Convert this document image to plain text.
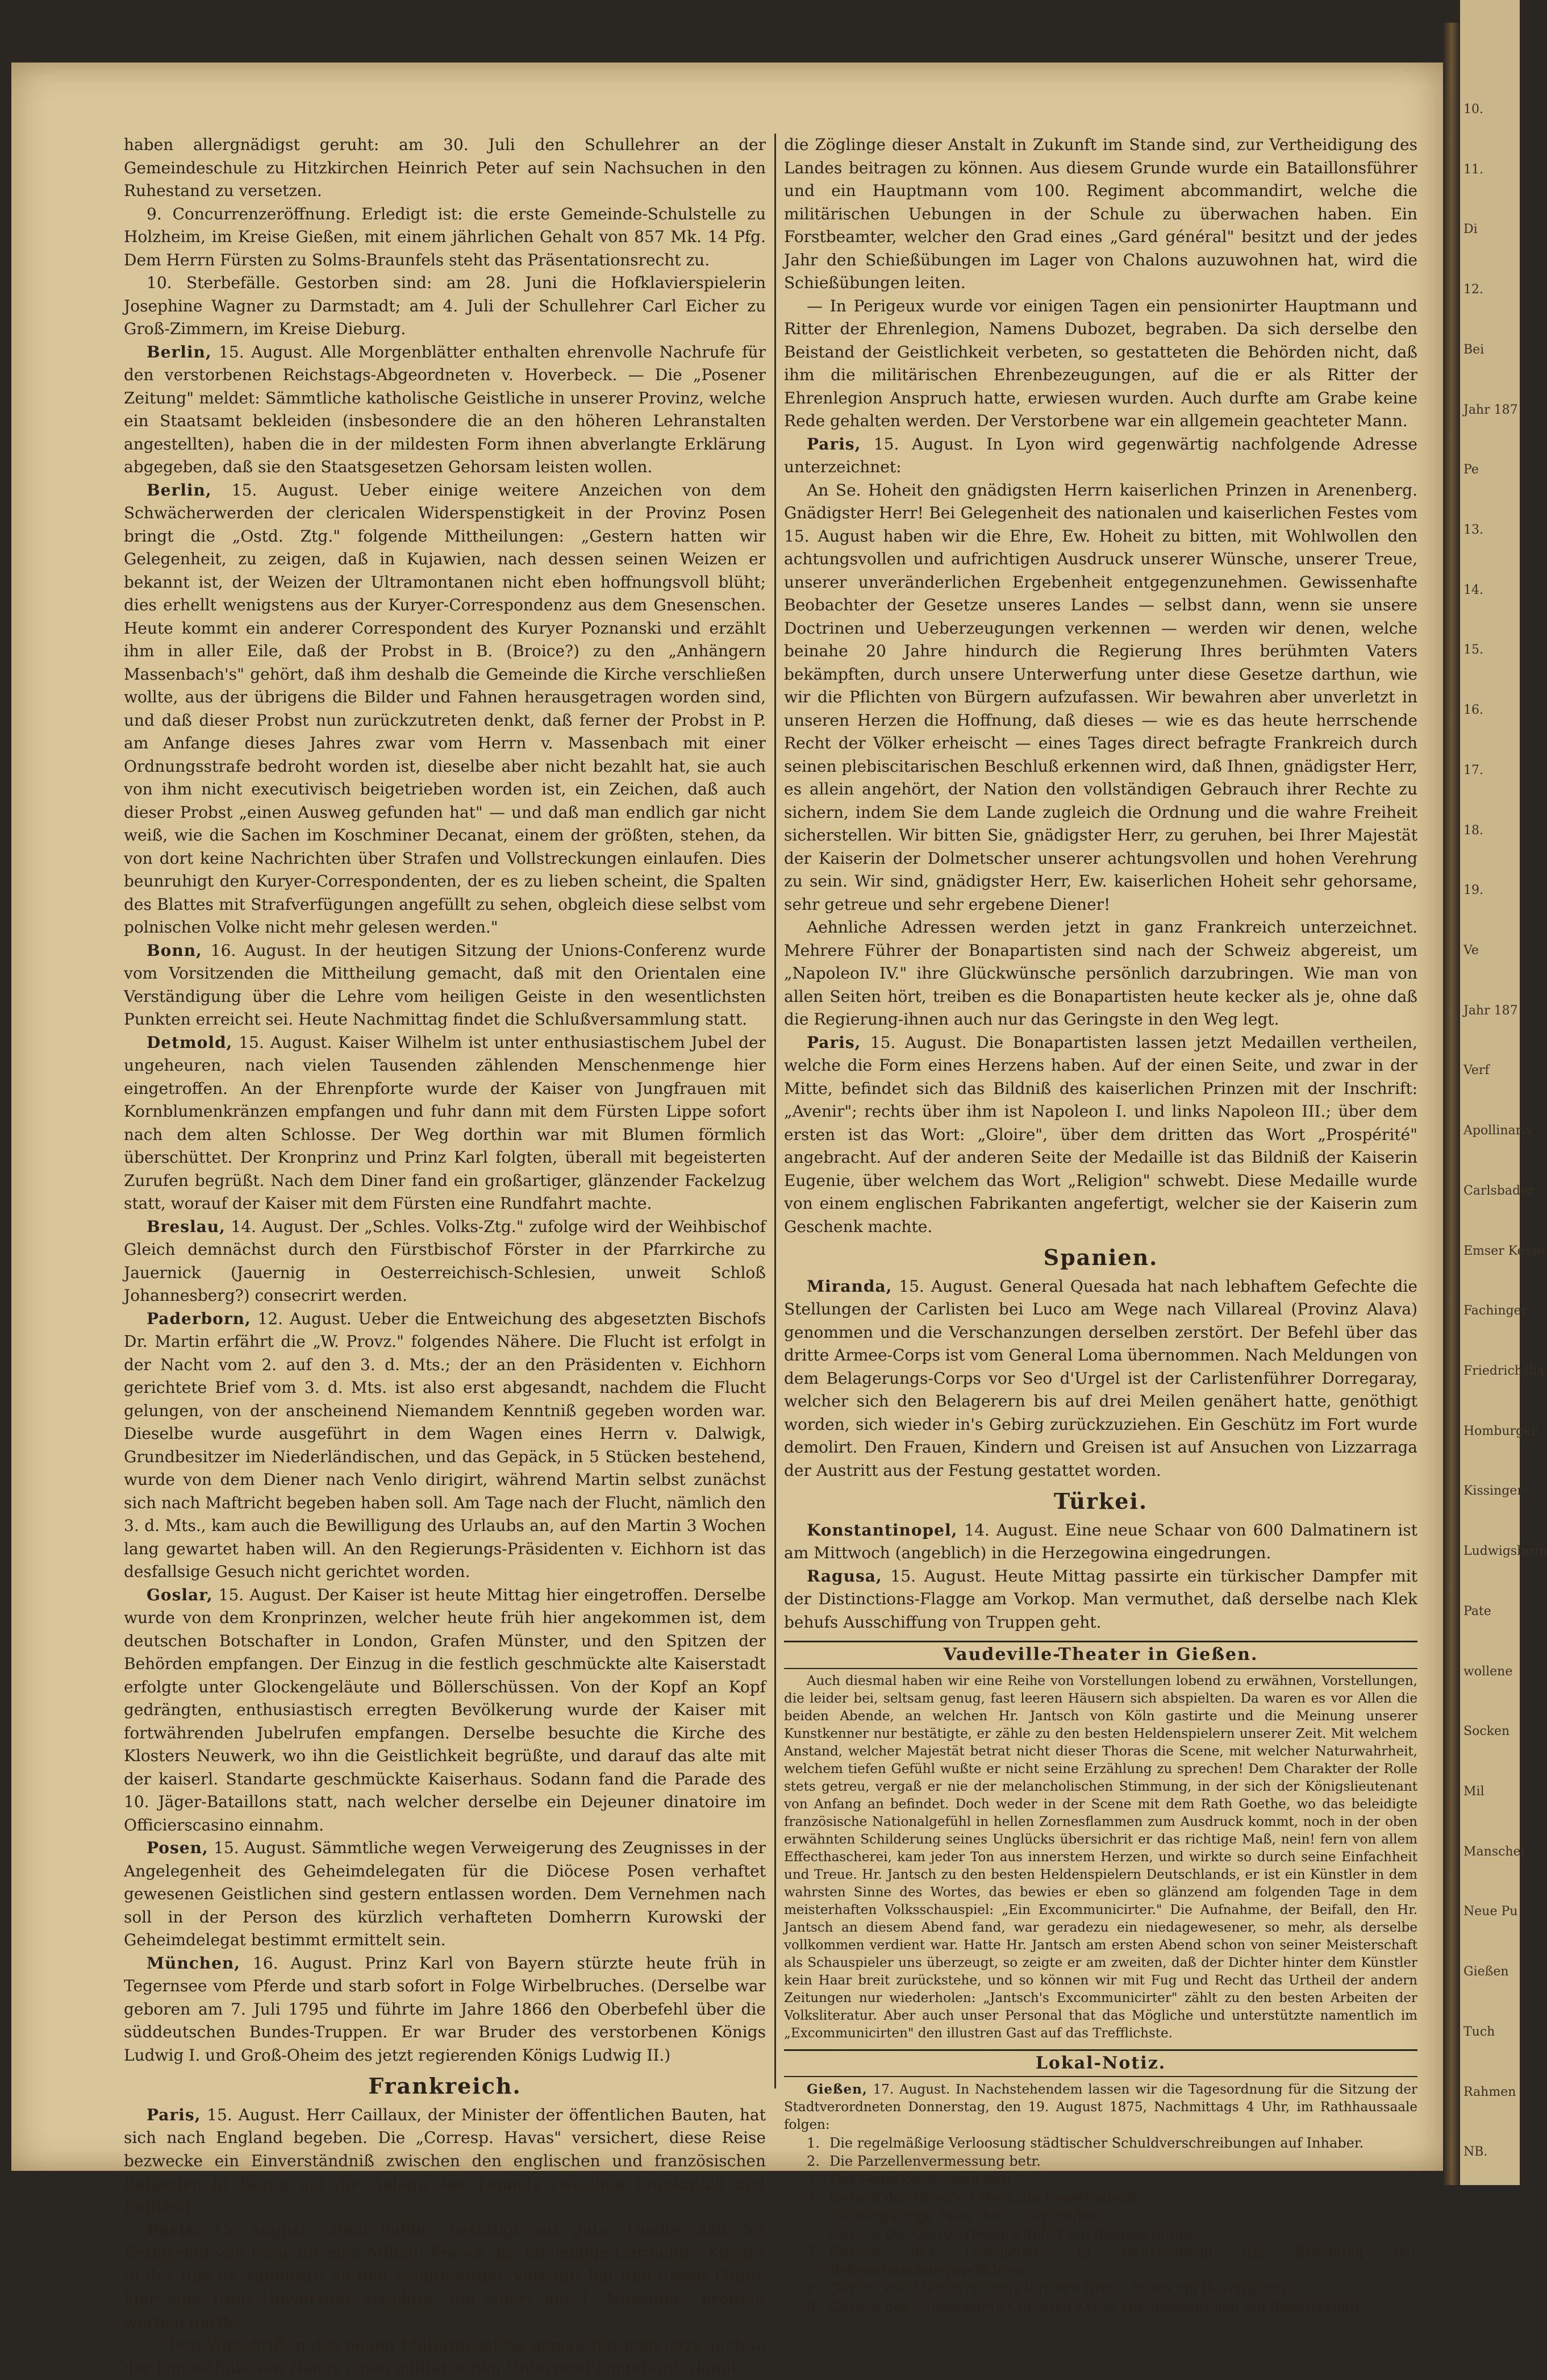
haben allergnädigst geruht: am 30. Juli den Schullehrer an der Gemeindeschule zu Hitzkirchen Heinrich Peter auf sein Nachsuchen in den Ruhestand zu versetzen.

9. Concurrenzeröffnung. Erledigt ist: die erste Gemeinde-Schulstelle zu Holzheim, im Kreise Gießen, mit einem jährlichen Gehalt von 857 Mk. 14 Pfg. Dem Herrn Fürsten zu Solms-Braunfels steht das Präsentationsrecht zu.

10. Sterbefälle. Gestorben sind: am 28. Juni die Hofklavierspielerin Josephine Wagner zu Darmstadt; am 4. Juli der Schullehrer Carl Eicher zu Groß-Zimmern, im Kreise Dieburg.

Berlin, 15. August. Alle Morgenblätter enthalten ehrenvolle Nachrufe für den verstorbenen Reichstags-Abgeordneten v. Hoverbeck. — Die „Posener Zeitung" meldet: Sämmtliche katholische Geistliche in unserer Provinz, welche ein Staatsamt bekleiden (insbesondere die an den höheren Lehranstalten angestellten), haben die in der mildesten Form ihnen abverlangte Erklärung abgegeben, daß sie den Staatsgesetzen Gehorsam leisten wollen.

Berlin, 15. August. Ueber einige weitere Anzeichen von dem Schwächerwerden der clericalen Widerspenstigkeit in der Provinz Posen bringt die „Ostd. Ztg." folgende Mittheilungen: „Gestern hatten wir Gelegenheit, zu zeigen, daß in Kujawien, nach dessen seinen Weizen er bekannt ist, der Weizen der Ultramontanen nicht eben hoffnungsvoll blüht; dies erhellt wenigstens aus der Kuryer-Correspondenz aus dem Gnesenschen. Heute kommt ein anderer Correspondent des Kuryer Poznanski und erzählt ihm in aller Eile, daß der Probst in B. (Broice?) zu den „Anhängern Massenbach's" gehört, daß ihm deshalb die Gemeinde die Kirche verschließen wollte, aus der übrigens die Bilder und Fahnen herausgetragen worden sind, und daß dieser Probst nun zurückzutreten denkt, daß ferner der Probst in P. am Anfange dieses Jahres zwar vom Herrn v. Massenbach mit einer Ordnungsstrafe bedroht worden ist, dieselbe aber nicht bezahlt hat, sie auch von ihm nicht executivisch beigetrieben worden ist, ein Zeichen, daß auch dieser Probst „einen Ausweg gefunden hat" — und daß man endlich gar nicht weiß, wie die Sachen im Koschminer Decanat, einem der größten, stehen, da von dort keine Nachrichten über Strafen und Vollstreckungen einlaufen. Dies beunruhigt den Kuryer-Correspondenten, der es zu lieben scheint, die Spalten des Blattes mit Strafverfügungen angefüllt zu sehen, obgleich diese selbst vom polnischen Volke nicht mehr gelesen werden."

Bonn, 16. August. In der heutigen Sitzung der Unions-Conferenz wurde vom Vorsitzenden die Mittheilung gemacht, daß mit den Orientalen eine Verständigung über die Lehre vom heiligen Geiste in den wesentlichsten Punkten erreicht sei. Heute Nachmittag findet die Schlußversammlung statt.

Detmold, 15. August. Kaiser Wilhelm ist unter enthusiastischem Jubel der ungeheuren, nach vielen Tausenden zählenden Menschenmenge hier eingetroffen. An der Ehrenpforte wurde der Kaiser von Jungfrauen mit Kornblumenkränzen empfangen und fuhr dann mit dem Fürsten Lippe sofort nach dem alten Schlosse. Der Weg dorthin war mit Blumen förmlich überschüttet. Der Kronprinz und Prinz Karl folgten, überall mit begeisterten Zurufen begrüßt. Nach dem Diner fand ein großartiger, glänzender Fackelzug statt, worauf der Kaiser mit dem Fürsten eine Rundfahrt machte.

Breslau, 14. August. Der „Schles. Volks-Ztg." zufolge wird der Weihbischof Gleich demnächst durch den Fürstbischof Förster in der Pfarrkirche zu Jauernick (Jauernig in Oesterreichisch-Schlesien, unweit Schloß Johannesberg?) consecrirt werden.

Paderborn, 12. August. Ueber die Entweichung des abgesetzten Bischofs Dr. Martin erfährt die „W. Provz." folgendes Nähere. Die Flucht ist erfolgt in der Nacht vom 2. auf den 3. d. Mts.; der an den Präsidenten v. Eichhorn gerichtete Brief vom 3. d. Mts. ist also erst abgesandt, nachdem die Flucht gelungen, von der anscheinend Niemandem Kenntniß gegeben worden war. Dieselbe wurde ausgeführt in dem Wagen eines Herrn v. Dalwigk, Grundbesitzer im Niederländischen, und das Gepäck, in 5 Stücken bestehend, wurde von dem Diener nach Venlo dirigirt, während Martin selbst zunächst sich nach Maftricht begeben haben soll. Am Tage nach der Flucht, nämlich den 3. d. Mts., kam auch die Bewilligung des Urlaubs an, auf den Martin 3 Wochen lang gewartet haben will. An den Regierungs-Präsidenten v. Eichhorn ist das desfallsige Gesuch nicht gerichtet worden.

Goslar, 15. August. Der Kaiser ist heute Mittag hier eingetroffen. Derselbe wurde von dem Kronprinzen, welcher heute früh hier angekommen ist, dem deutschen Botschafter in London, Grafen Münster, und den Spitzen der Behörden empfangen. Der Einzug in die festlich geschmückte alte Kaiserstadt erfolgte unter Glockengeläute und Böllerschüssen. Von der Kopf an Kopf gedrängten, enthusiastisch erregten Bevölkerung wurde der Kaiser mit fortwährenden Jubelrufen empfangen. Derselbe besuchte die Kirche des Klosters Neuwerk, wo ihn die Geistlichkeit begrüßte, und darauf das alte mit der kaiserl. Standarte geschmückte Kaiserhaus. Sodann fand die Parade des 10. Jäger-Bataillons statt, nach welcher derselbe ein Dejeuner dinatoire im Officierscasino einnahm.

Posen, 15. August. Sämmtliche wegen Verweigerung des Zeugnisses in der Angelegenheit des Geheimdelegaten für die Diöcese Posen verhaftet gewesenen Geistlichen sind gestern entlassen worden. Dem Vernehmen nach soll in der Person des kürzlich verhafteten Domherrn Kurowski der Geheimdelegat bestimmt ermittelt sein.

München, 16. August. Prinz Karl von Bayern stürzte heute früh in Tegernsee vom Pferde und starb sofort in Folge Wirbelbruches. (Derselbe war geboren am 7. Juli 1795 und führte im Jahre 1866 den Oberbefehl über die süddeutschen Bundes-Truppen. Er war Bruder des verstorbenen Königs Ludwig I. und Groß-Oheim des jetzt regierenden Königs Ludwig II.)

Frankreich.

Paris, 15. August. Herr Caillaux, der Minister der öffentlichen Bauten, hat sich nach England begeben. Die „Corresp. Havas" versichert, diese Reise bezwecke ein Einverständniß zwischen den englischen und französischen Behörden in Bezug auf die Anlage des Tunnels zwischen Frankreich und England.

Paris, 15. August. „Bien Public" bestätigt aus guter Quelle, daß der Erzbischof von Paris für eine Million Francs das ehemalige Carmeliter-Kloster in der Rue de Vaugirard an den Jesuitenorden verkauft hat und dieser Orden hier eine freie Universität errichtet, die sofort am 1. November eröffnet werden dürfte.

— Den Vorschriften des neuen Militärgesetzes gemäß hat man jetzt auch in der Forstschule von Nancy einen militärischen Unterricht eingeführt, damit

die Zöglinge dieser Anstalt in Zukunft im Stande sind, zur Vertheidigung des Landes beitragen zu können. Aus diesem Grunde wurde ein Bataillonsführer und ein Hauptmann vom 100. Regiment abcommandirt, welche die militärischen Uebungen in der Schule zu überwachen haben. Ein Forstbeamter, welcher den Grad eines „Gard général" besitzt und der jedes Jahr den Schießübungen im Lager von Chalons auzuwohnen hat, wird die Schießübungen leiten.

— In Perigeux wurde vor einigen Tagen ein pensionirter Hauptmann und Ritter der Ehrenlegion, Namens Dubozet, begraben. Da sich derselbe den Beistand der Geistlichkeit verbeten, so gestatteten die Behörden nicht, daß ihm die militärischen Ehrenbezeugungen, auf die er als Ritter der Ehrenlegion Anspruch hatte, erwiesen wurden. Auch durfte am Grabe keine Rede gehalten werden. Der Verstorbene war ein allgemein geachteter Mann.

Paris, 15. August. In Lyon wird gegenwärtig nachfolgende Adresse unterzeichnet:

An Se. Hoheit den gnädigsten Herrn kaiserlichen Prinzen in Arenenberg. Gnädigster Herr! Bei Gelegenheit des nationalen und kaiserlichen Festes vom 15. August haben wir die Ehre, Ew. Hoheit zu bitten, mit Wohlwollen den achtungsvollen und aufrichtigen Ausdruck unserer Wünsche, unserer Treue, unserer unveränderlichen Ergebenheit entgegenzunehmen. Gewissenhafte Beobachter der Gesetze unseres Landes — selbst dann, wenn sie unsere Doctrinen und Ueberzeugungen verkennen — werden wir denen, welche beinahe 20 Jahre hindurch die Regierung Ihres berühmten Vaters bekämpften, durch unsere Unterwerfung unter diese Gesetze darthun, wie wir die Pflichten von Bürgern aufzufassen. Wir bewahren aber unverletzt in unseren Herzen die Hoffnung, daß dieses — wie es das heute herrschende Recht der Völker erheischt — eines Tages direct befragte Frankreich durch seinen plebiscitarischen Beschluß erkennen wird, daß Ihnen, gnädigster Herr, es allein angehört, der Nation den vollständigen Gebrauch ihrer Rechte zu sichern, indem Sie dem Lande zugleich die Ordnung und die wahre Freiheit sicherstellen. Wir bitten Sie, gnädigster Herr, zu geruhen, bei Ihrer Majestät der Kaiserin der Dolmetscher unserer achtungsvollen und hohen Verehrung zu sein. Wir sind, gnädigster Herr, Ew. kaiserlichen Hoheit sehr gehorsame, sehr getreue und sehr ergebene Diener!

Aehnliche Adressen werden jetzt in ganz Frankreich unterzeichnet. Mehrere Führer der Bonapartisten sind nach der Schweiz abgereist, um „Napoleon IV." ihre Glückwünsche persönlich darzubringen. Wie man von allen Seiten hört, treiben es die Bonapartisten heute kecker als je, ohne daß die Regierung-ihnen auch nur das Geringste in den Weg legt.

Paris, 15. August. Die Bonapartisten lassen jetzt Medaillen vertheilen, welche die Form eines Herzens haben. Auf der einen Seite, und zwar in der Mitte, befindet sich das Bildniß des kaiserlichen Prinzen mit der Inschrift: „Avenir"; rechts über ihm ist Napoleon I. und links Napoleon III.; über dem ersten ist das Wort: „Gloire", über dem dritten das Wort „Prospérité" angebracht. Auf der anderen Seite der Medaille ist das Bildniß der Kaiserin Eugenie, über welchem das Wort „Religion" schwebt. Diese Medaille wurde von einem englischen Fabrikanten angefertigt, welcher sie der Kaiserin zum Geschenk machte.

Spanien.

Miranda, 15. August. General Quesada hat nach lebhaftem Gefechte die Stellungen der Carlisten bei Luco am Wege nach Villareal (Provinz Alava) genommen und die Verschanzungen derselben zerstört. Der Befehl über das dritte Armee-Corps ist vom General Loma übernommen. Nach Meldungen von dem Belagerungs-Corps vor Seo d'Urgel ist der Carlistenführer Dorregaray, welcher sich den Belagerern bis auf drei Meilen genähert hatte, genöthigt worden, sich wieder in's Gebirg zurückzuziehen. Ein Geschütz im Fort wurde demolirt. Den Frauen, Kindern und Greisen ist auf Ansuchen von Lizzarraga der Austritt aus der Festung gestattet worden.

Türkei.

Konstantinopel, 14. August. Eine neue Schaar von 600 Dalmatinern ist am Mittwoch (angeblich) in die Herzegowina eingedrungen.

Ragusa, 15. August. Heute Mittag passirte ein türkischer Dampfer mit der Distinctions-Flagge am Vorkop. Man vermuthet, daß derselbe nach Klek behufs Ausschiffung von Truppen geht.

Vaudeville-Theater in Gießen.

Auch diesmal haben wir eine Reihe von Vorstellungen lobend zu erwähnen, Vorstellungen, die leider bei, seltsam genug, fast leeren Häusern sich abspielten. Da waren es vor Allen die beiden Abende, an welchen Hr. Jantsch von Köln gastirte und die Meinung unserer Kunstkenner nur bestätigte, er zähle zu den besten Heldenspielern unserer Zeit. Mit welchem Anstand, welcher Majestät betrat nicht dieser Thoras die Scene, mit welcher Naturwahrheit, welchem tiefen Gefühl wußte er nicht seine Erzählung zu sprechen! Dem Charakter der Rolle stets getreu, vergaß er nie der melancholischen Stimmung, in der sich der Königslieutenant von Anfang an befindet. Doch weder in der Scene mit dem Rath Goethe, wo das beleidigte französische Nationalgefühl in hellen Zornesflammen zum Ausdruck kommt, noch in der oben erwähnten Schilderung seines Unglücks übersichrit er das richtige Maß, nein! fern von allem Effecthascherei, kam jeder Ton aus innerstem Herzen, und wirkte so durch seine Einfachheit und Treue. Hr. Jantsch zu den besten Heldenspielern Deutschlands, er ist ein Künstler in dem wahrsten Sinne des Wortes, das bewies er eben so glänzend am folgenden Tage in dem meisterhaften Volksschauspiel: „Ein Excommunicirter." Die Aufnahme, der Beifall, den Hr. Jantsch an diesem Abend fand, war geradezu ein niedagewesener, so mehr, als derselbe vollkommen verdient war. Hatte Hr. Jantsch am ersten Abend schon von seiner Meisterschaft als Schauspieler uns überzeugt, so zeigte er am zweiten, daß der Dichter hinter dem Künstler kein Haar breit zurückstehe, und so können wir mit Fug und Recht das Urtheil der andern Zeitungen nur wiederholen: „Jantsch's Excommunicirter" zählt zu den besten Arbeiten der Volksliteratur. Aber auch unser Personal that das Mögliche und unterstützte namentlich im „Excommunicirten" den illustren Gast auf das Trefflichste.

Lokal-Notiz.

Gießen, 17. August. In Nachstehendem lassen wir die Tagesordnung für die Sitzung der Stadtverordneten Donnerstag, den 19. August 1875, Nachmittags 4 Uhr, im Rathhaussaale folgen:

1. Die regelmäßige Verloosung städtischer Schuldverschreibungen auf Inhaber.
2. Die Parzellenvermessung betr.
3. Das Feuerlöschwesen betr.
4. Gesuch des Heinrich Merz um Bauerlaubniß.
5. Die diesjährige Feier des 2. September.
6. Gesuch des Octroierhebers Roloff um Remuneration.
7. Gesuch des Ortsdieners in Heuchelheim um Erhöhung der Bekanntmachungsgebühren.
8. Gesuch des Metzgers Louis Pirr von Groß-Linden um Bauerlaubniß.
9. Gesuch des Zahlmeisters Christian Keller von Altenkirchen um Bauerlaubniß.
10.
11.
Di
12.
Bei
Jahr 187
Pe
13.
14.
15.
16.
17.
18.
19.
Ve
Jahr 187
Verf
Apollinaris
Carlsbader
Emser Kesse
Fachinger
Friedrichsha
Homburger
Kissinger
Ludwigsbrun
Pate
wollene
Socken
Mil
Manschet
Neue Pu
Gießen
Tuch
Rahmen
NB.
